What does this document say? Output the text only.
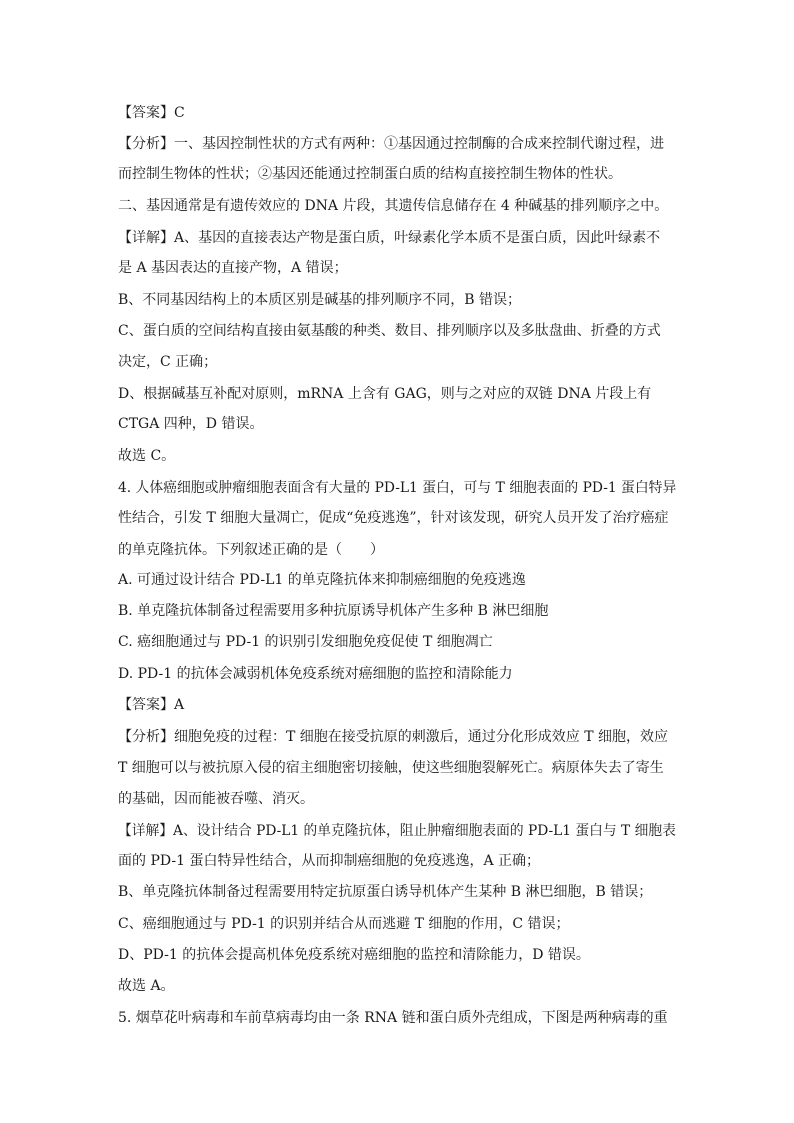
【答案】C
【分析】一、基因控制性状的方式有两种：①基因通过控制酶的合成来控制代谢过程，进
而控制生物体的性状；②基因还能通过控制蛋白质的结构直接控制生物体的性状。
二、基因通常是有遗传效应的 DNA 片段，其遗传信息储存在 4 种碱基的排列顺序之中。
【详解】A、基因的直接表达产物是蛋白质，叶绿素化学本质不是蛋白质，因此叶绿素不
是 A 基因表达的直接产物，A 错误；
B、不同基因结构上的本质区别是碱基的排列顺序不同，B 错误；
C、蛋白质的空间结构直接由氨基酸的种类、数目、排列顺序以及多肽盘曲、折叠的方式
决定，C 正确；
D、根据碱基互补配对原则，mRNA 上含有 GAG，则与之对应的双链 DNA 片段上有
CTGA 四种，D 错误。
故选 C。
4. 人体癌细胞或肿瘤细胞表面含有大量的 PD-L1 蛋白，可与 T 细胞表面的 PD-1 蛋白特异
性结合，引发 T 细胞大量凋亡，促成“免疫逃逸”，针对该发现，研究人员开发了治疗癌症
的单克隆抗体。下列叙述正确的是（　　）
A. 可通过设计结合 PD-L1 的单克隆抗体来抑制癌细胞的免疫逃逸
B. 单克隆抗体制备过程需要用多种抗原诱导机体产生多种 B 淋巴细胞
C. 癌细胞通过与 PD-1 的识别引发细胞免疫促使 T 细胞凋亡
D. PD-1 的抗体会减弱机体免疫系统对癌细胞的监控和清除能力
【答案】A
【分析】细胞免疫的过程：T 细胞在接受抗原的刺激后，通过分化形成效应 T 细胞，效应
T 细胞可以与被抗原入侵的宿主细胞密切接触，使这些细胞裂解死亡。病原体失去了寄生
的基础，因而能被吞噬、消灭。
【详解】A、设计结合 PD-L1 的单克隆抗体，阻止肿瘤细胞表面的 PD-L1 蛋白与 T 细胞表
面的 PD-1 蛋白特异性结合，从而抑制癌细胞的免疫逃逸，A 正确；
B、单克隆抗体制备过程需要用特定抗原蛋白诱导机体产生某种 B 淋巴细胞，B 错误；
C、癌细胞通过与 PD-1 的识别并结合从而逃避 T 细胞的作用，C 错误；
D、PD-1 的抗体会提高机体免疫系统对癌细胞的监控和清除能力，D 错误。
故选 A。
5. 烟草花叶病毒和车前草病毒均由一条 RNA 链和蛋白质外壳组成，下图是两种病毒的重
